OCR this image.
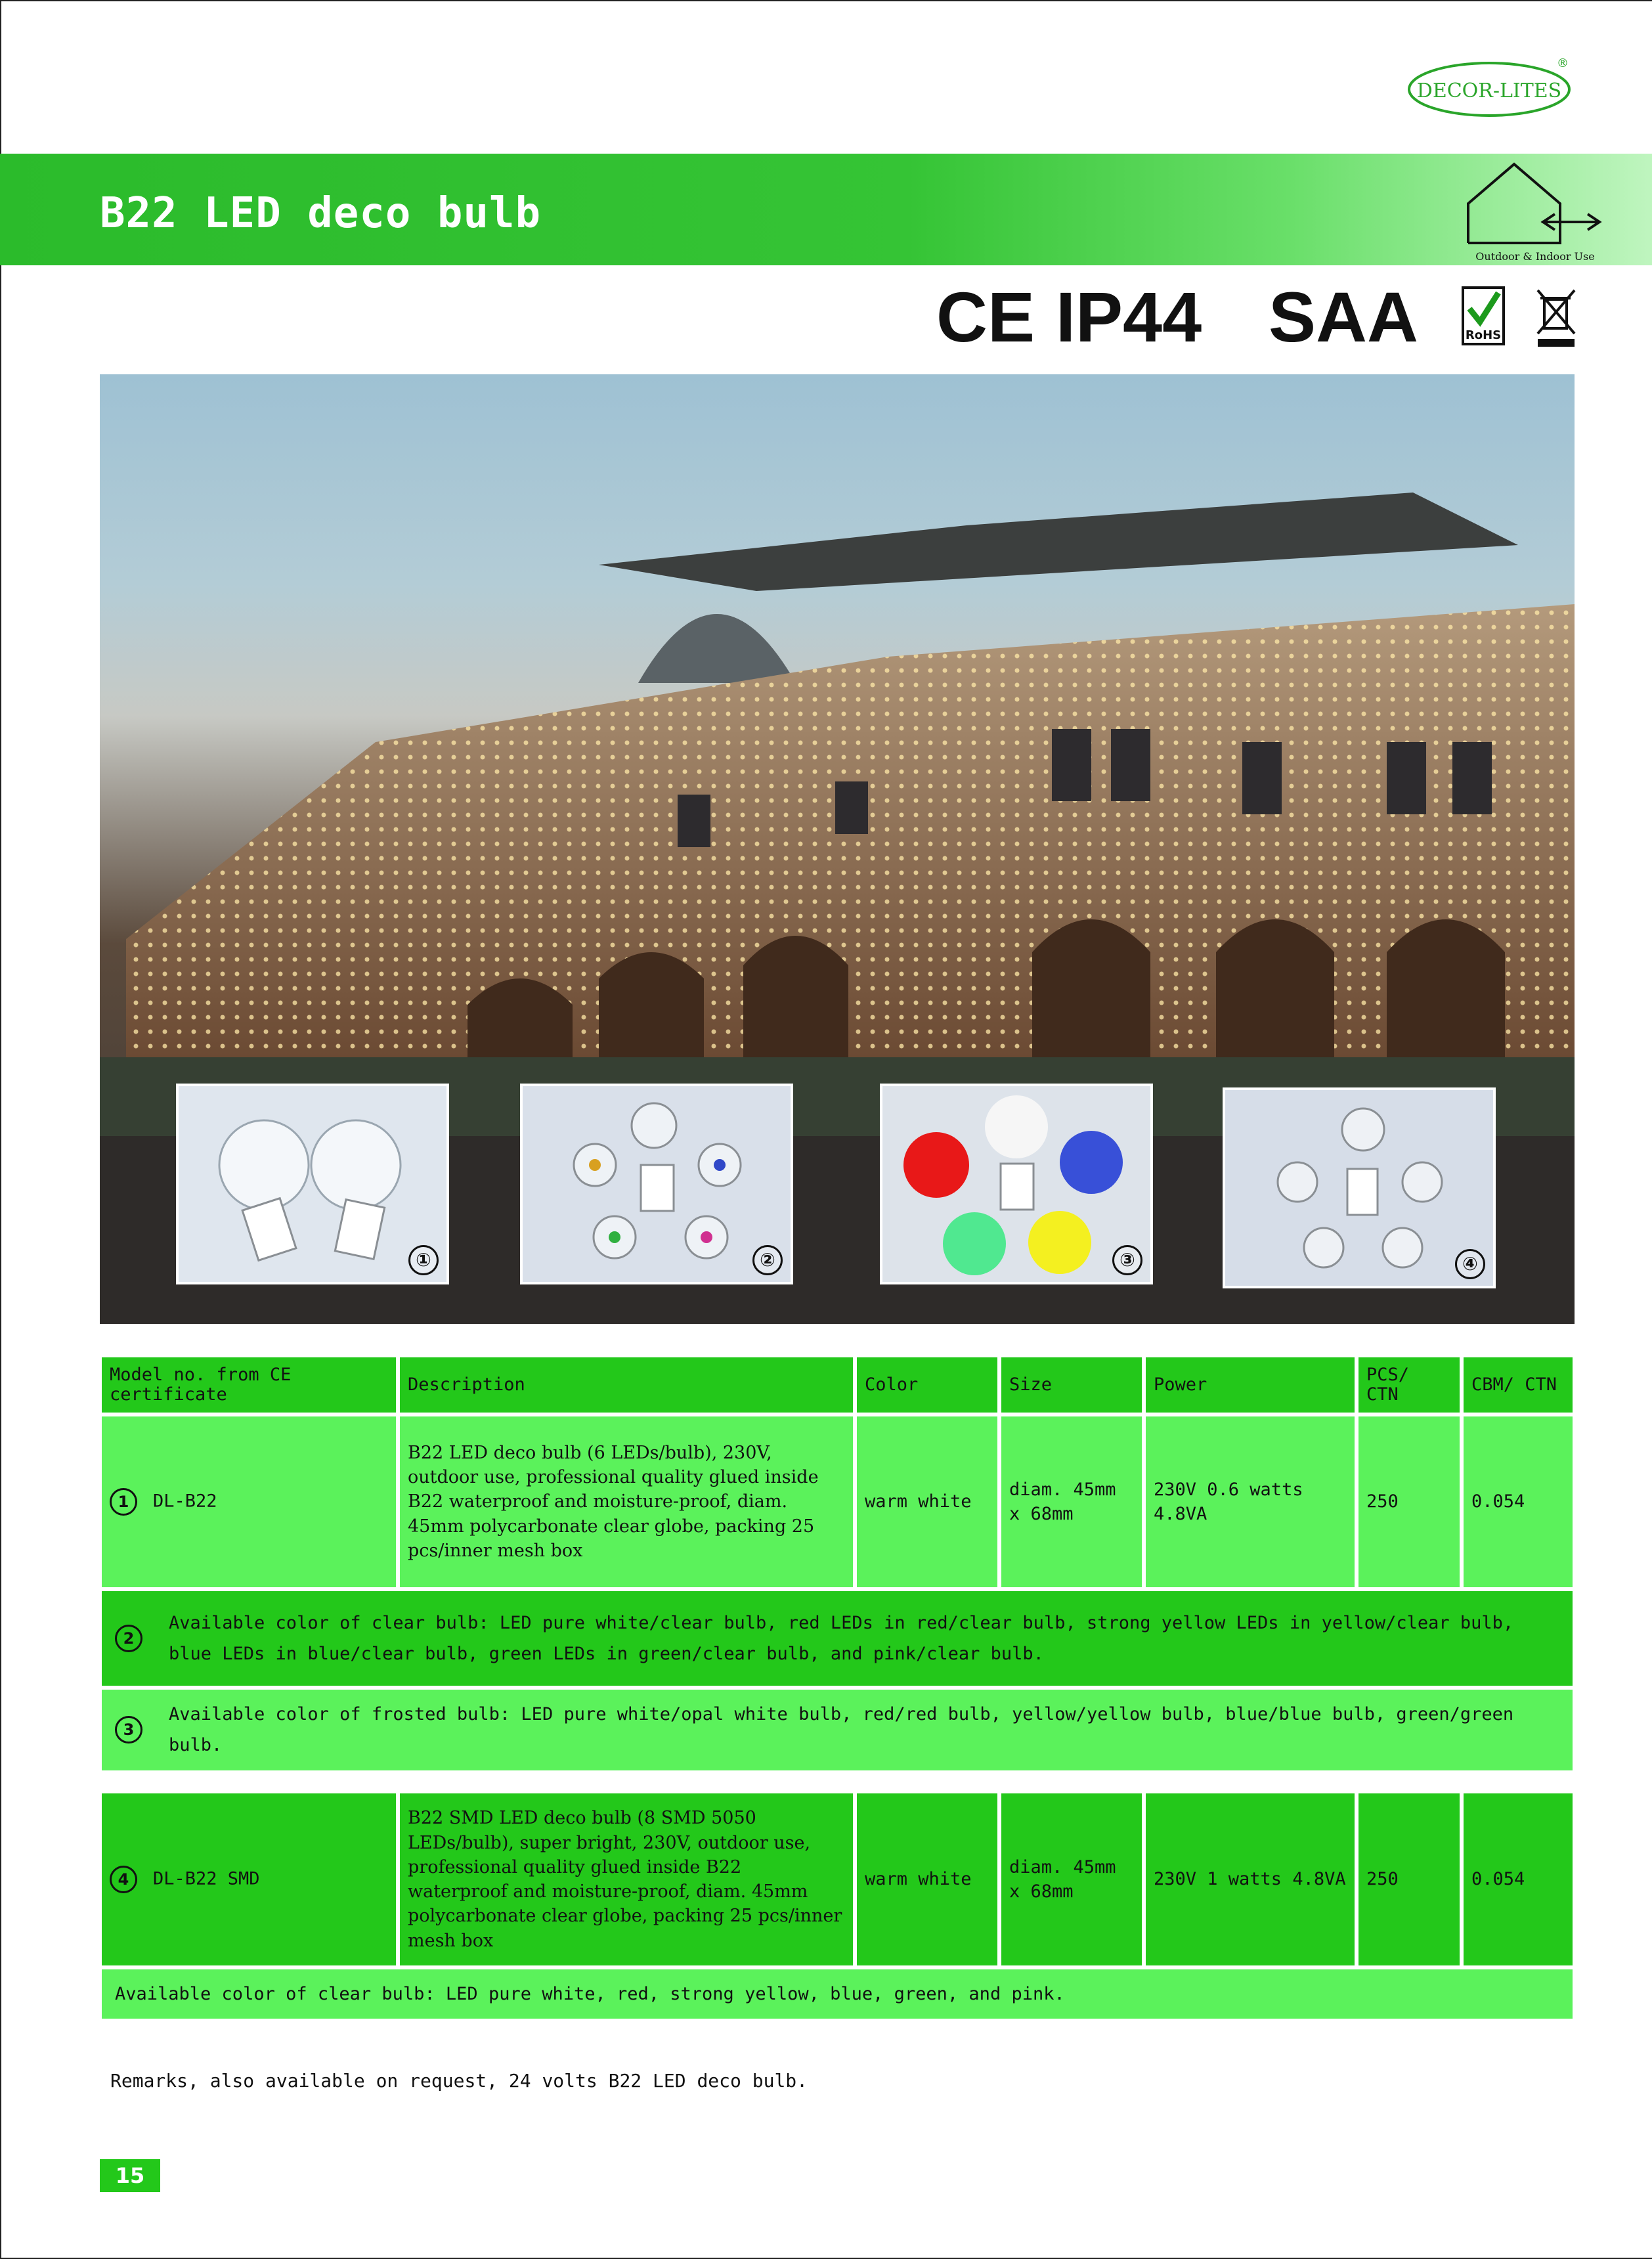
DECOR-LITES
®
B22 LED deco bulb
Outdoor & Indoor Use
CE IP44 SAA	RoHS
①	②	③	④
Model no. from CE certificate	Description	Color	Size	Power	PCS/ CTN	CBM/ CTN
1 DL-B22	B22 LED deco bulb (6 LEDs/bulb), 230V, outdoor use, professional quality glued inside B22 waterproof and moisture-proof, diam. 45mm polycarbonate clear globe, packing 25 pcs/inner mesh box	warm white	diam. 45mm x 68mm	230V 0.6 watts 4.8VA	250	0.054

2
Available color of clear bulb: LED pure white/clear bulb, red LEDs in red/clear bulb, strong yellow LEDs in yellow/clear bulb, blue LEDs in blue/clear bulb, green LEDs in green/clear bulb, and pink/clear bulb.						

3
Available color of frosted bulb: LED pure white/opal white bulb, red/red bulb, yellow/yellow bulb, blue/blue bulb, green/green bulb.						
4 DL-B22 SMD	B22 SMD LED deco bulb (8 SMD 5050 LEDs/bulb), super bright, 230V, outdoor use, professional quality glued inside B22 waterproof and moisture-proof, diam. 45mm polycarbonate clear globe, packing 25 pcs/inner mesh box	warm white	diam. 45mm x 68mm	230V 1 watts 4.8VA	250	0.054
Available color of clear bulb: LED pure white, red, strong yellow, blue, green, and pink.
Remarks, also available on request, 24 volts B22 LED deco bulb.
15
